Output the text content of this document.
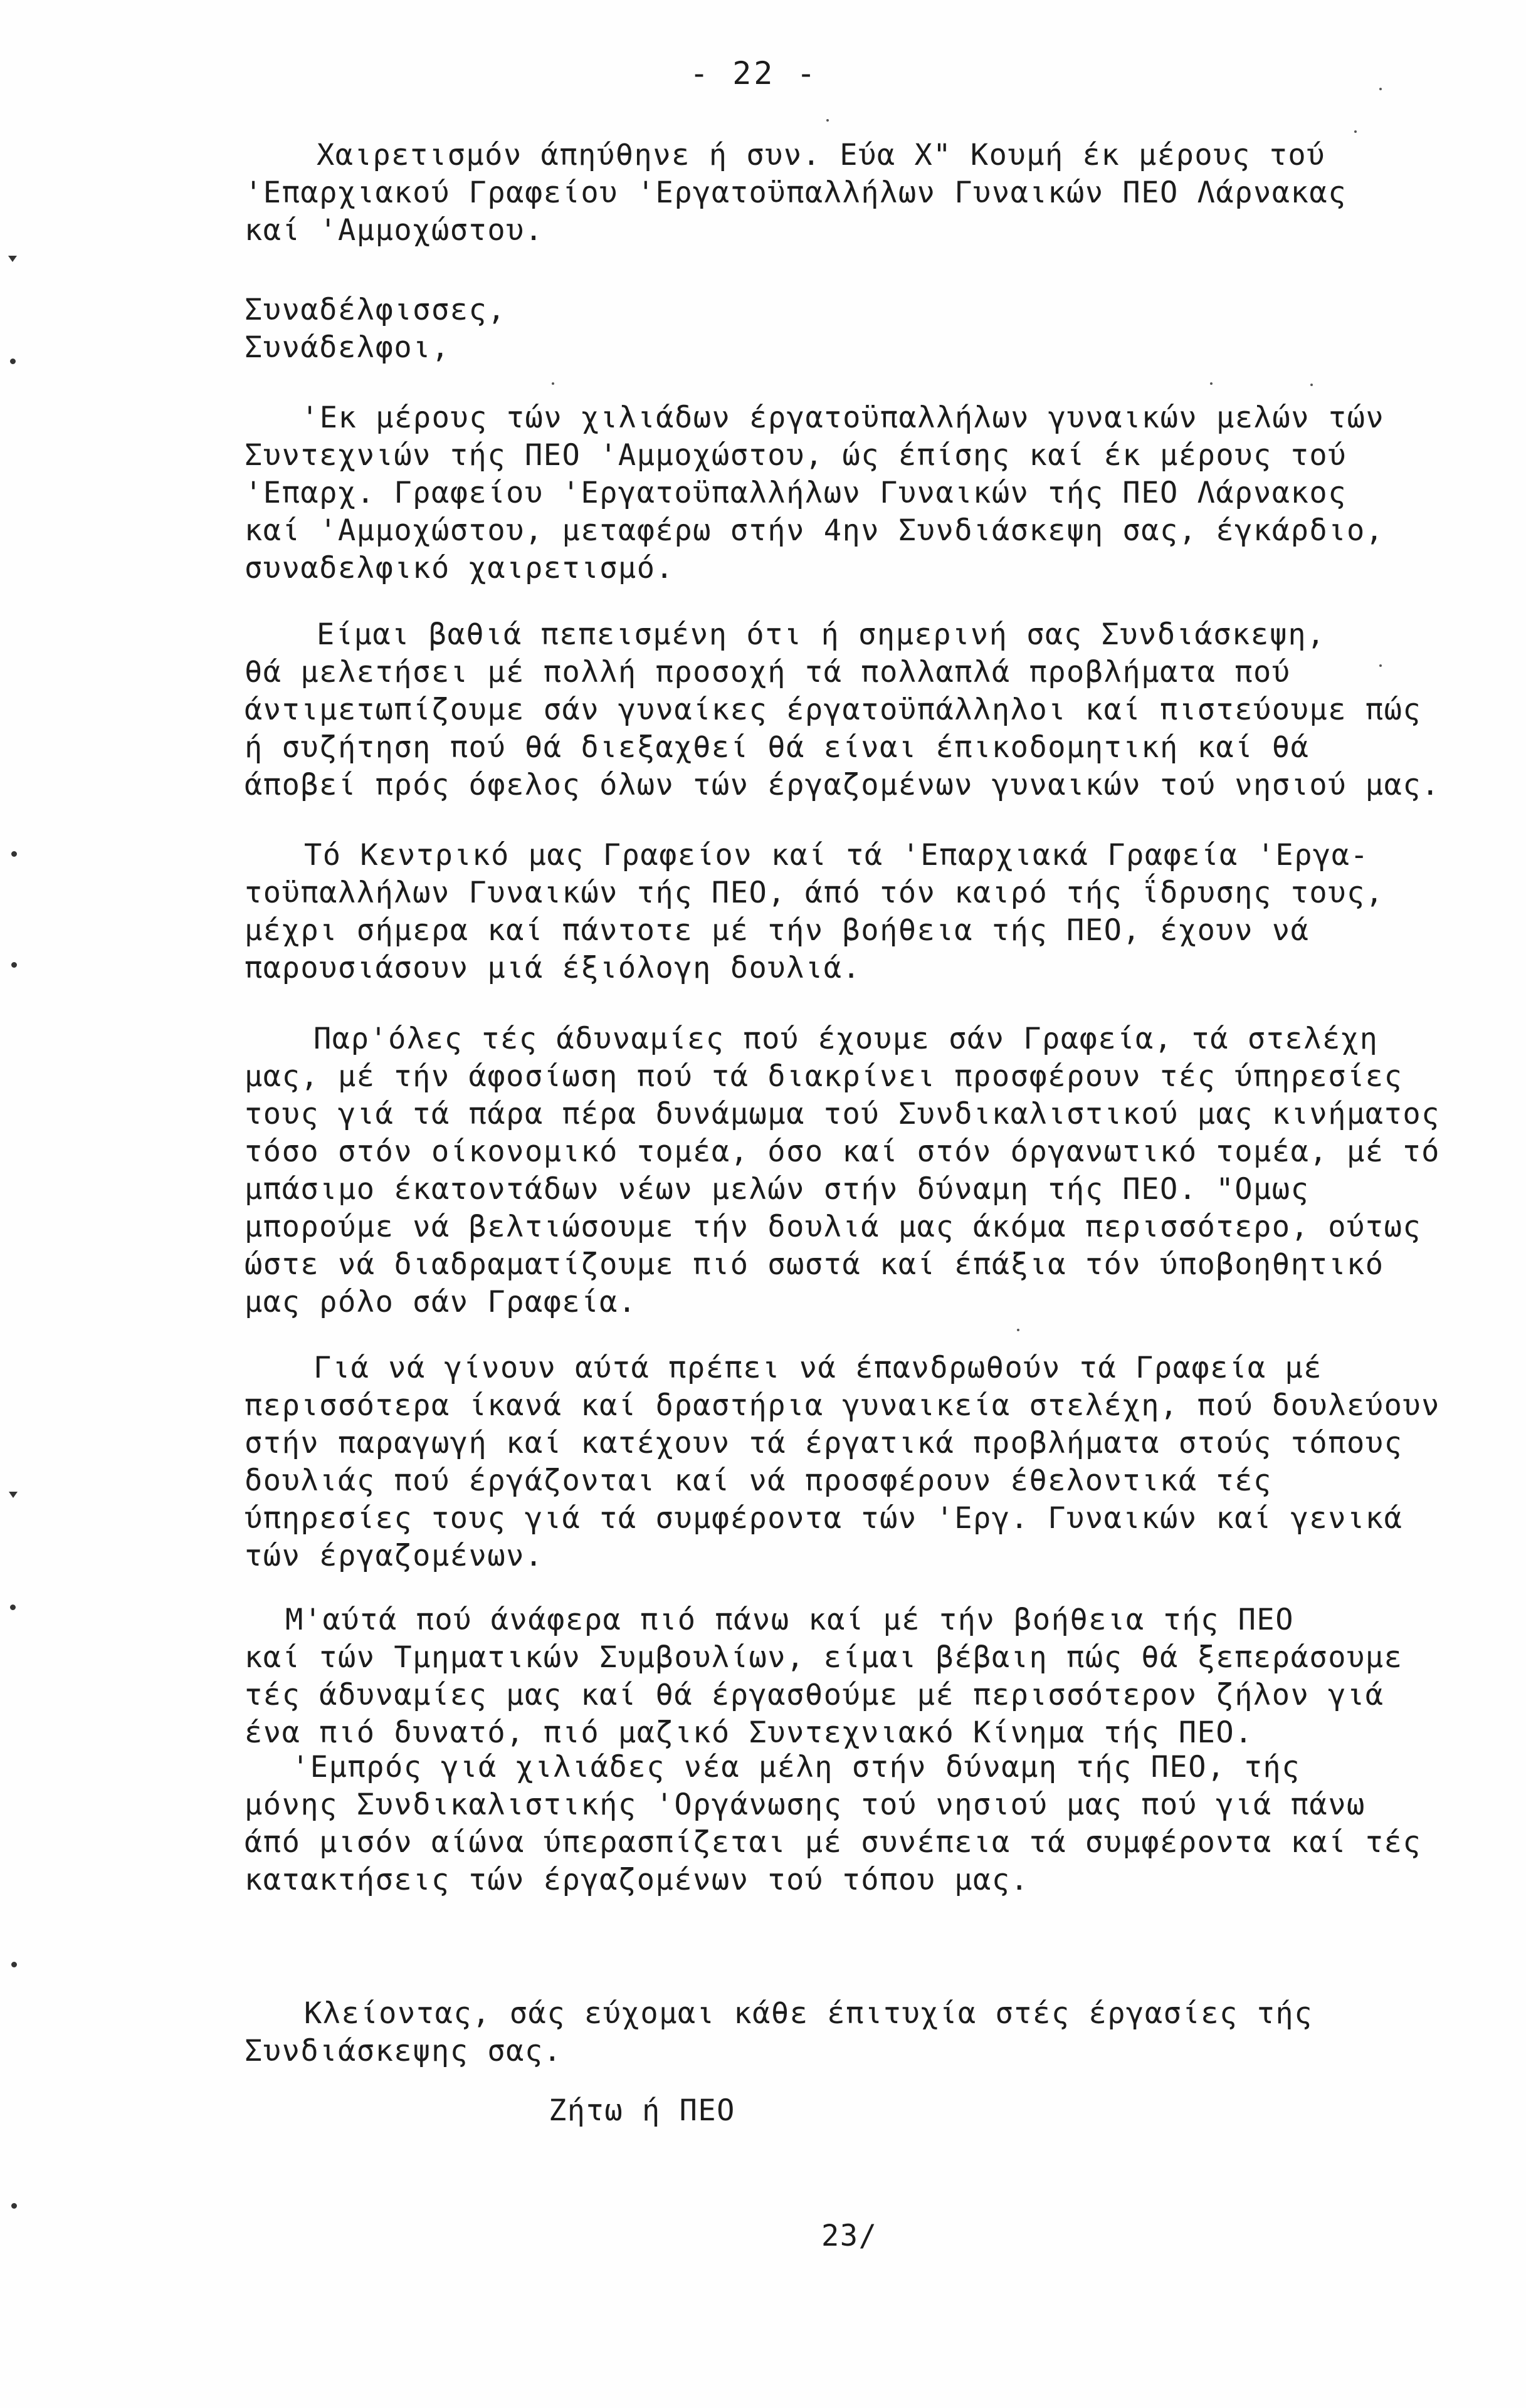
- 22 -
Χαιρετισμόν άπηύθηνε ή συν. Εύα Χ" Κουμή έκ μέρους τού
'Επαρχιακού Γραφείου 'Εργατοϋπαλλήλων Γυναικών ΠΕΟ Λάρνακας
καί 'Αμμοχώστου.
Συναδέλφισσες,
Συνάδελφοι,
'Εκ μέρους τών χιλιάδων έργατοϋπαλλήλων γυναικών μελών τών
Συντεχνιών τής ΠΕΟ 'Αμμοχώστου, ώς έπίσης καί έκ μέρους τού
'Επαρχ. Γραφείου 'Εργατοϋπαλλήλων Γυναικών τής ΠΕΟ Λάρνακος
καί 'Αμμοχώστου, μεταφέρω στήν 4ην Συνδιάσκεψη σας, έγκάρδιο,
συναδελφικό χαιρετισμό.
Είμαι βαθιά πεπεισμένη ότι ή σημερινή σας Συνδιάσκεψη,
θά μελετήσει μέ πολλή προσοχή τά πολλαπλά προβλήματα πού
άντιμετωπίζουμε σάν γυναίκες έργατοϋπάλληλοι καί πιστεύουμε πώς
ή συζήτηση πού θά διεξαχθεί θά είναι έπικοδομητική καί θά
άποβεί πρός όφελος όλων τών έργαζομένων γυναικών τού νησιού μας.
Τό Κεντρικό μας Γραφείον καί τά 'Επαρχιακά Γραφεία 'Εργα-
τοϋπαλλήλων Γυναικών τής ΠΕΟ, άπό τόν καιρό τής ΐδρυσης τους,
μέχρι σήμερα καί πάντοτε μέ τήν βοήθεια τής ΠΕΟ, έχουν νά
παρουσιάσουν μιά έξιόλογη δουλιά.
Παρ'όλες τές άδυναμίες πού έχουμε σάν Γραφεία, τά στελέχη
μας, μέ τήν άφοσίωση πού τά διακρίνει προσφέρουν τές ύπηρεσίες
τους γιά τά πάρα πέρα δυνάμωμα τού Συνδικαλιστικού μας κινήματος
τόσο στόν οίκονομικό τομέα, όσο καί στόν όργανωτικό τομέα, μέ τό
μπάσιμο έκατοντάδων νέων μελών στήν δύναμη τής ΠΕΟ. "Ομως
μπορούμε νά βελτιώσουμε τήν δουλιά μας άκόμα περισσότερο, ούτως
ώστε νά διαδραματίζουμε πιό σωστά καί έπάξια τόν ύποβοηθητικό
μας ρόλο σάν Γραφεία.
Γιά νά γίνουν αύτά πρέπει νά έπανδρωθούν τά Γραφεία μέ
περισσότερα ίκανά καί δραστήρια γυναικεία στελέχη, πού δουλεύουν
στήν παραγωγή καί κατέχουν τά έργατικά προβλήματα στούς τόπους
δουλιάς πού έργάζονται καί νά προσφέρουν έθελοντικά τές
ύπηρεσίες τους γιά τά συμφέροντα τών 'Εργ. Γυναικών καί γενικά
τών έργαζομένων.
Μ'αύτά πού άνάφερα πιό πάνω καί μέ τήν βοήθεια τής ΠΕΟ
καί τών Τμηματικών Συμβουλίων, είμαι βέβαιη πώς θά ξεπεράσουμε
τές άδυναμίες μας καί θά έργασθούμε μέ περισσότερον ζήλον γιά
ένα πιό δυνατό, πιό μαζικό Συντεχνιακό Κίνημα τής ΠΕΟ.
'Εμπρός γιά χιλιάδες νέα μέλη στήν δύναμη τής ΠΕΟ, τής
μόνης Συνδικαλιστικής 'Οργάνωσης τού νησιού μας πού γιά πάνω
άπό μισόν αίώνα ύπερασπίζεται μέ συνέπεια τά συμφέροντα καί τές
κατακτήσεις τών έργαζομένων τού τόπου μας.
Κλείοντας, σάς εύχομαι κάθε έπιτυχία στές έργασίες τής
Συνδιάσκεψης σας.
Ζήτω ή ΠΕΟ
23/
